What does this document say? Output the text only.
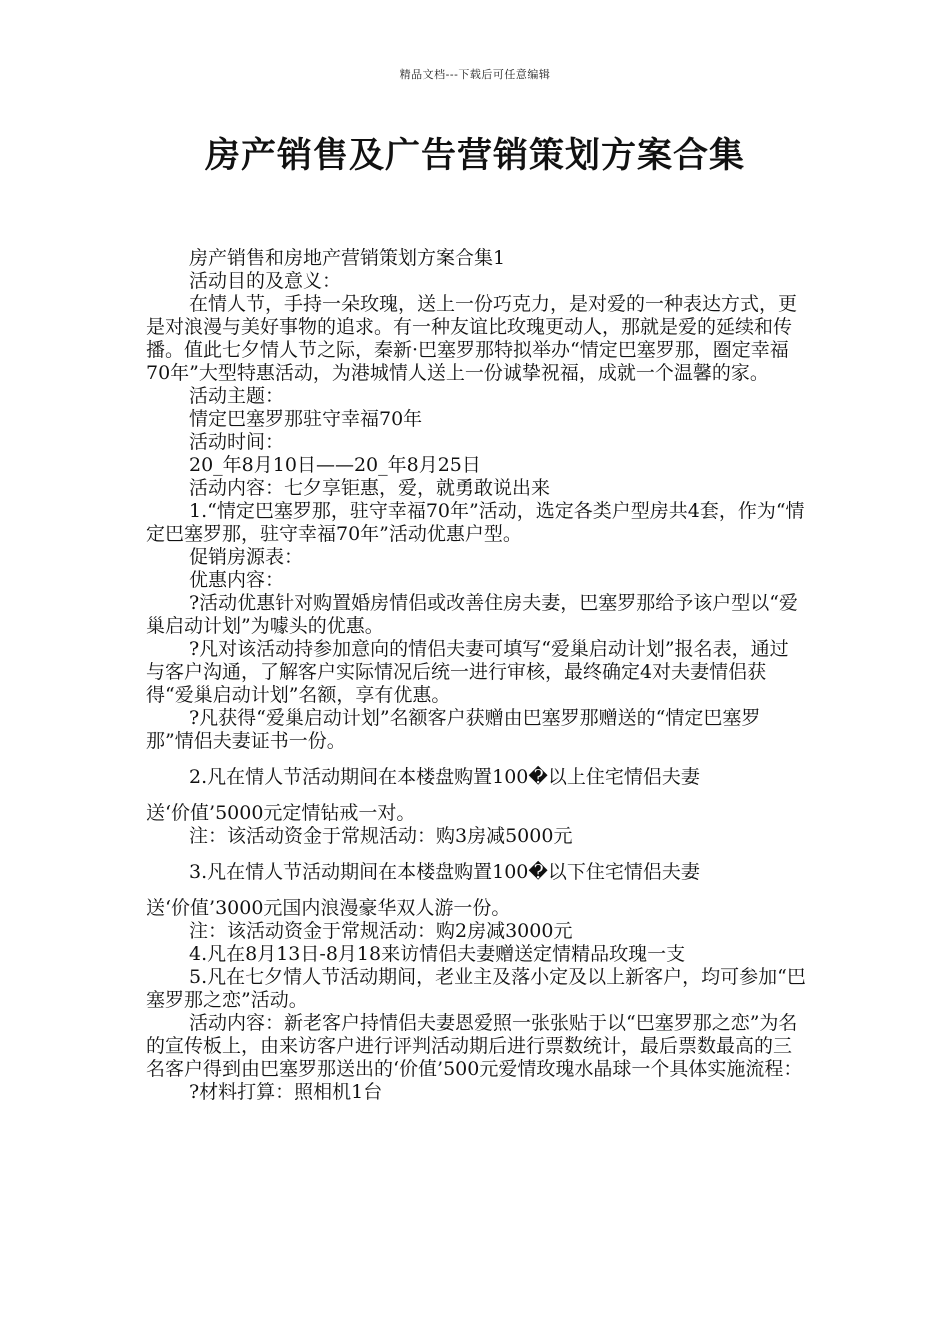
精品文档---下载后可任意编辑
房产销售及广告营销策划方案合集

房产销售和房地产营销策划方案合集1

活动目的及意义：

在情人节，手持一朵玫瑰，送上一份巧克力，是对爱的一种表达方式，更是对浪漫与美好事物的追求。有一种友谊比玫瑰更动人，那就是爱的延续和传播。值此七夕情人节之际，秦新·巴塞罗那特拟举办“情定巴塞罗那，圈定幸福70年”大型特惠活动，为港城情人送上一份诚挚祝福，成就一个温馨的家。

活动主题：

情定巴塞罗那驻守幸福70年

活动时间：

20_年8月10日——20_年8月25日

活动内容：七夕享钜惠，爱，就勇敢说出来

1.“情定巴塞罗那，驻守幸福70年”活动，选定各类户型房共4套，作为“情定巴塞罗那，驻守幸福70年”活动优惠户型。

促销房源表：

优惠内容：

?活动优惠针对购置婚房情侣或改善住房夫妻，巴塞罗那给予该户型以“爱巢启动计划”为噱头的优惠。

?凡对该活动持参加意向的情侣夫妻可填写“爱巢启动计划”报名表，通过与客户沟通，了解客户实际情况后统一进行审核，最终确定4对夫妻情侣获得“爱巢启动计划”名额，享有优惠。

?凡获得“爱巢启动计划”名额客户获赠由巴塞罗那赠送的“情定巴塞罗那”情侣夫妻证书一份。

2.凡在情人节活动期间在本楼盘购置100�以上住宅情侣夫妻

送‘价值’5000元定情钻戒一对。

注：该活动资金于常规活动：购3房减5000元

3.凡在情人节活动期间在本楼盘购置100�以下住宅情侣夫妻

送‘价值’3000元国内浪漫豪华双人游一份。

注：该活动资金于常规活动：购2房减3000元

4.凡在8月13日-8月18来访情侣夫妻赠送定情精品玫瑰一支

5.凡在七夕情人节活动期间，老业主及落小定及以上新客户，均可参加“巴塞罗那之恋”活动。

活动内容：新老客户持情侣夫妻恩爱照一张张贴于以“巴塞罗那之恋”为名的宣传板上，由来访客户进行评判活动期后进行票数统计，最后票数最高的三名客户得到由巴塞罗那送出的‘价值’500元爱情玫瑰水晶球一个具体实施流程：

?材料打算：照相机1台
